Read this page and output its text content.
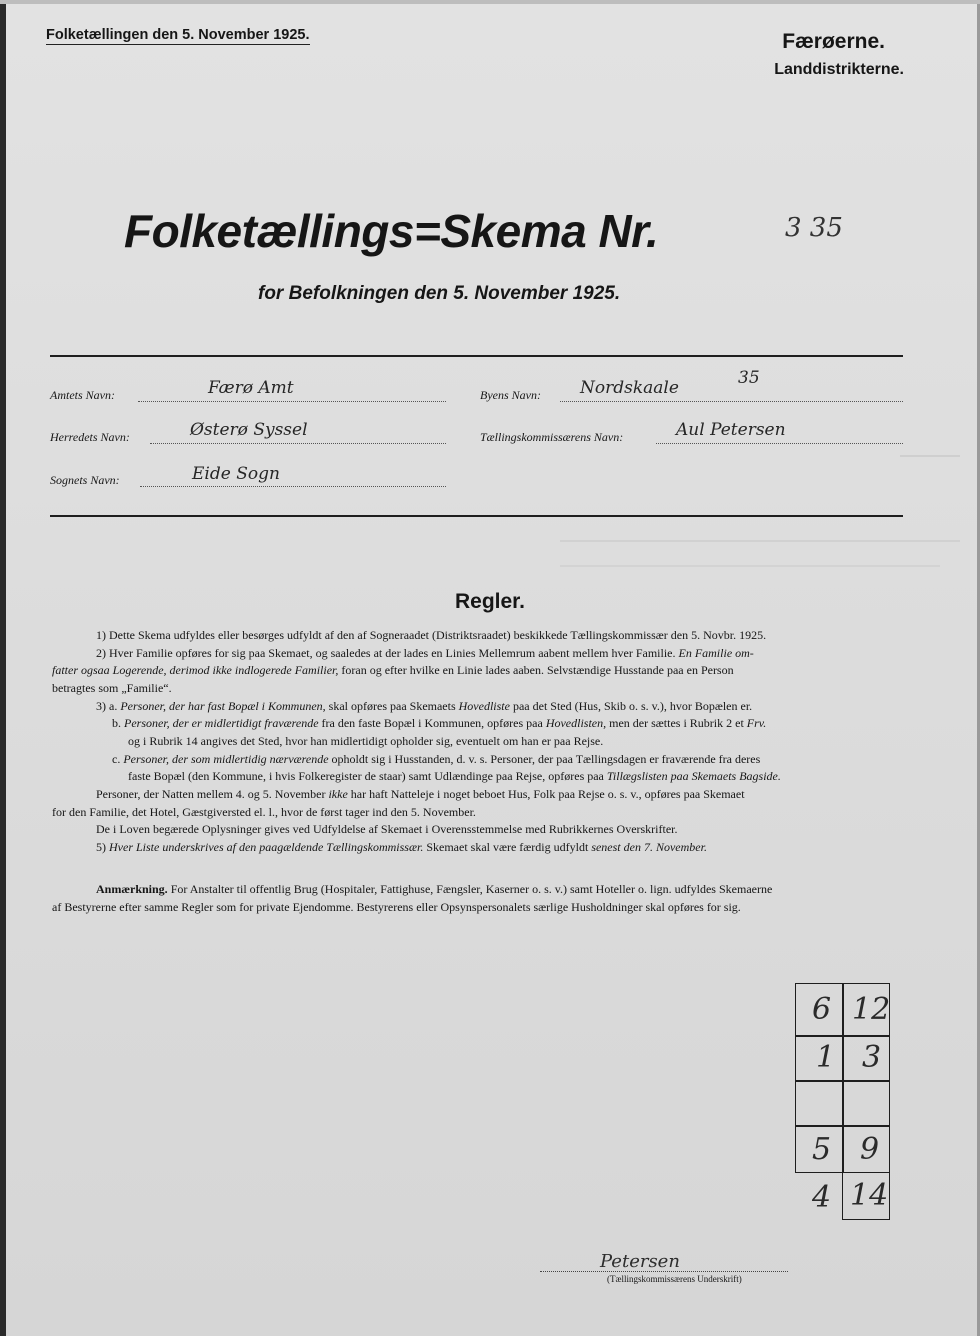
Folketællingen den 5. November 1925.	Færøerne.
Landdistrikterne.
Folketællings=Skema Nr.	3 35
for Befolkningen den 5. November 1925.
Amtets Navn:	Færø Amt
Herredets Navn:	Østerø Syssel
Sognets Navn:	Eide Sogn
Byens Navn: Nordskaale	35
Tællingskommissærens Navn:	Aul Petersen
Regler.
1) Dette Skema udfyldes eller besørges udfyldt af den af Sogneraadet (Distriktsraadet) beskikkede Tællingskommissær den 5. Novbr. 1925.
2) Hver Familie opføres for sig paa Skemaet, og saaledes at der lades en Linies Mellemrum aabent mellem hver Familie. En Familie om-
fatter ogsaa Logerende, derimod ikke indlogerede Familier, foran og efter hvilke en Linie lades aaben. Selvstændige Husstande paa en Person
betragtes som „Familie“.
3) a. Personer, der har fast Bopæl i Kommunen, skal opføres paa Skemaets Hovedliste paa det Sted (Hus, Skib o. s. v.), hvor Bopælen er.
b. Personer, der er midlertidigt fraværende fra den faste Bopæl i Kommunen, opføres paa Hovedlisten, men der sættes i Rubrik 2 et Frv.
og i Rubrik 14 angives det Sted, hvor han midlertidigt opholder sig, eventuelt om han er paa Rejse.
c. Personer, der som midlertidig nærværende opholdt sig i Husstanden, d. v. s. Personer, der paa Tællingsdagen er fraværende fra deres
faste Bopæl (den Kommune, i hvis Folkeregister de staar) samt Udlændinge paa Rejse, opføres paa Tillægslisten paa Skemaets Bagside.
Personer, der Natten mellem 4. og 5. November ikke har haft Natteleje i noget beboet Hus, Folk paa Rejse o. s. v., opføres paa Skemaet
for den Familie, det Hotel, Gæstgiversted el. l., hvor de først tager ind den 5. November.
De i Loven begærede Oplysninger gives ved Udfyldelse af Skemaet i Overensstemmelse med Rubrikkernes Overskrifter.
5) Hver Liste underskrives af den paagældende Tællingskommissær. Skemaet skal være færdig udfyldt senest den 7. November.
Anmærkning. For Anstalter til offentlig Brug (Hospitaler, Fattighuse, Fængsler, Kaserner o. s. v.) samt Hoteller o. lign. udfyldes Skemaerne
af Bestyrerne efter samme Regler som for private Ejendomme. Bestyrerens eller Opsynspersonalets særlige Husholdninger skal opføres for sig.
6 12
1 3
5 9
4 14
Petersen
(Tællingskommissærens Underskrift)
